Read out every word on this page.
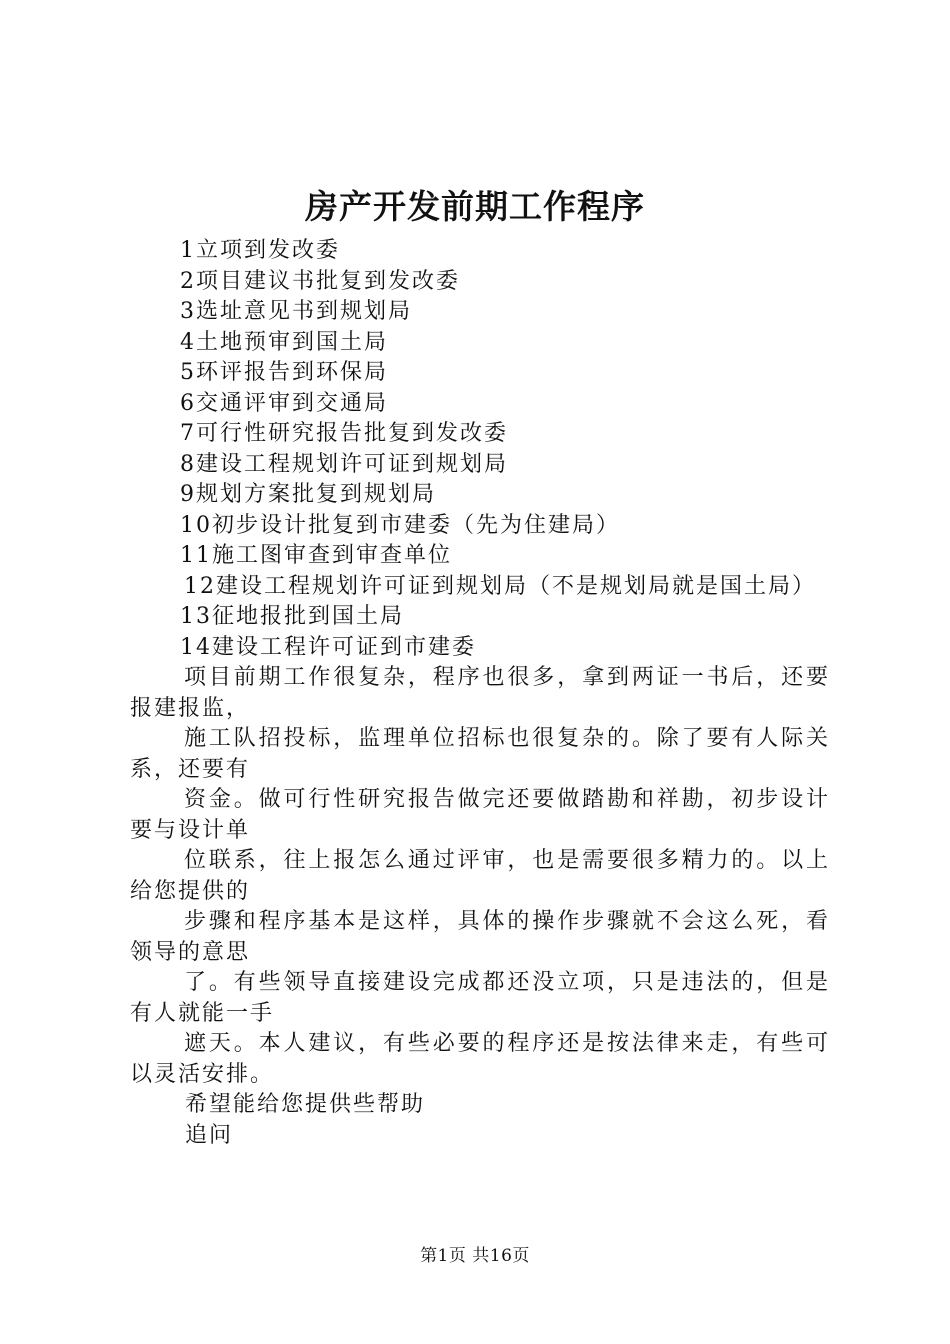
房产开发前期工作程序
1立项到发改委
2项目建议书批复到发改委
3选址意见书到规划局
4土地预审到国土局
5环评报告到环保局
6交通评审到交通局
7可行性研究报告批复到发改委
8建设工程规划许可证到规划局
9规划方案批复到规划局
10初步设计批复到市建委（先为住建局）
11施工图审查到审查单位
12建设工程规划许可证到规划局（不是规划局就是国土局）
13征地报批到国土局
14建设工程许可证到市建委
项目前期工作很复杂，程序也很多，拿到两证一书后，还要报建报监，
施工队招投标，监理单位招标也很复杂的。除了要有人际关系，还要有
资金。做可行性研究报告做完还要做踏勘和祥勘，初步设计要与设计单
位联系，往上报怎么通过评审，也是需要很多精力的。以上给您提供的
步骤和程序基本是这样，具体的操作步骤就不会这么死，看领导的意思
了。有些领导直接建设完成都还没立项，只是违法的，但是有人就能一手
遮天。本人建议，有些必要的程序还是按法律来走，有些可以灵活安排。
希望能给您提供些帮助
追问
第1页 共16页
